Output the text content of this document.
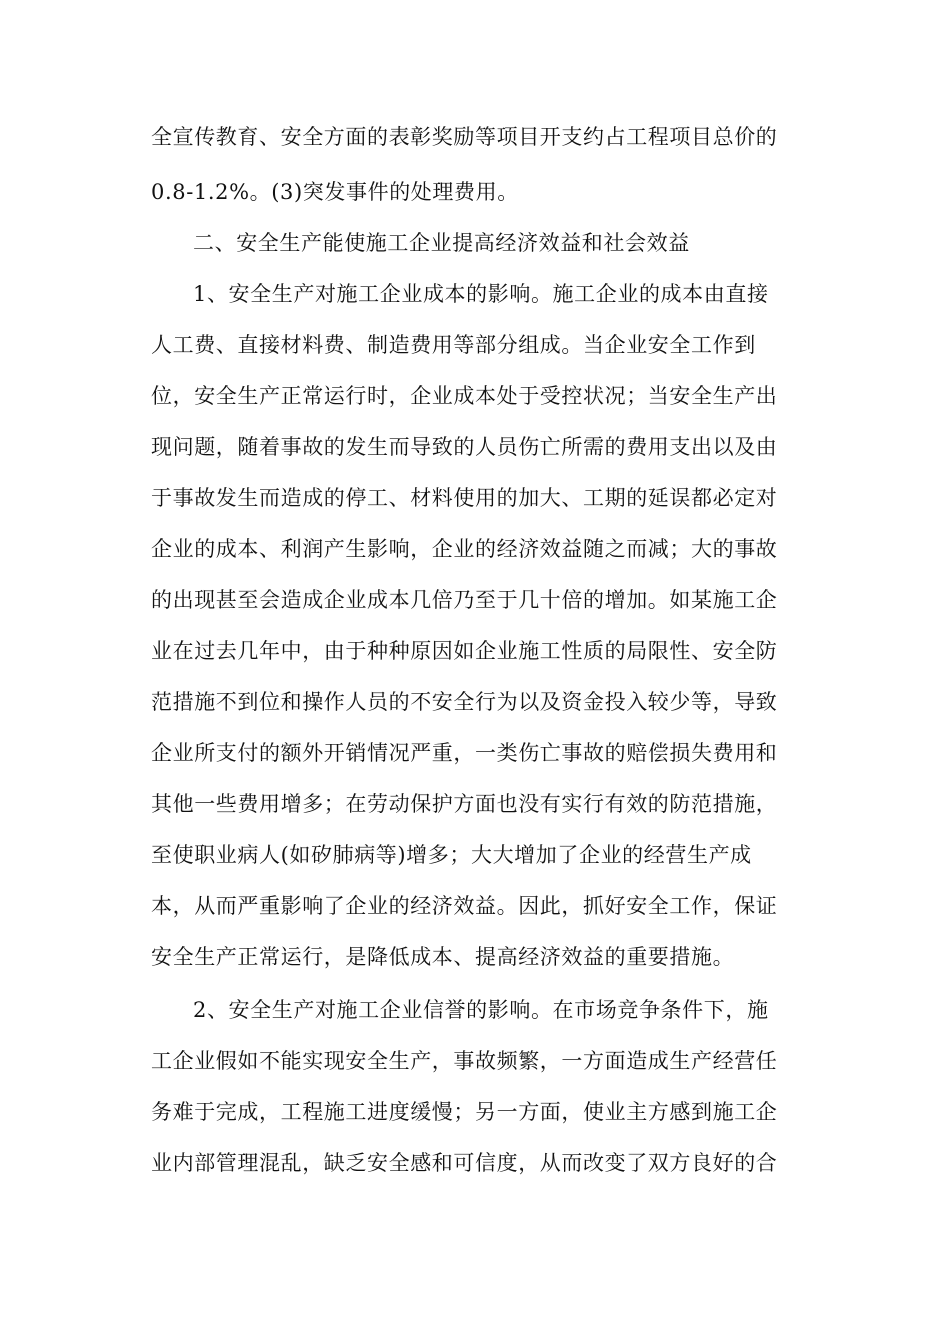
全宣传教育、安全方面的表彰奖励等项目开支约占工程项目总价的
0.8-1.2%。(3)突发事件的处理费用。
二、安全生产能使施工企业提高经济效益和社会效益
1、安全生产对施工企业成本的影响。施工企业的成本由直接
人工费、直接材料费、制造费用等部分组成。当企业安全工作到
位，安全生产正常运行时，企业成本处于受控状况；当安全生产出
现问题，随着事故的发生而导致的人员伤亡所需的费用支出以及由
于事故发生而造成的停工、材料使用的加大、工期的延误都必定对
企业的成本、利润产生影响，企业的经济效益随之而减；大的事故
的出现甚至会造成企业成本几倍乃至于几十倍的增加。如某施工企
业在过去几年中，由于种种原因如企业施工性质的局限性、安全防
范措施不到位和操作人员的不安全行为以及资金投入较少等，导致
企业所支付的额外开销情况严重，一类伤亡事故的赔偿损失费用和
其他一些费用增多；在劳动保护方面也没有实行有效的防范措施，
至使职业病人(如矽肺病等)增多；大大增加了企业的经营生产成
本，从而严重影响了企业的经济效益。因此，抓好安全工作，保证
安全生产正常运行，是降低成本、提高经济效益的重要措施。
2、安全生产对施工企业信誉的影响。在市场竞争条件下，施
工企业假如不能实现安全生产，事故频繁，一方面造成生产经营任
务难于完成，工程施工进度缓慢；另一方面，使业主方感到施工企
业内部管理混乱，缺乏安全感和可信度，从而改变了双方良好的合
